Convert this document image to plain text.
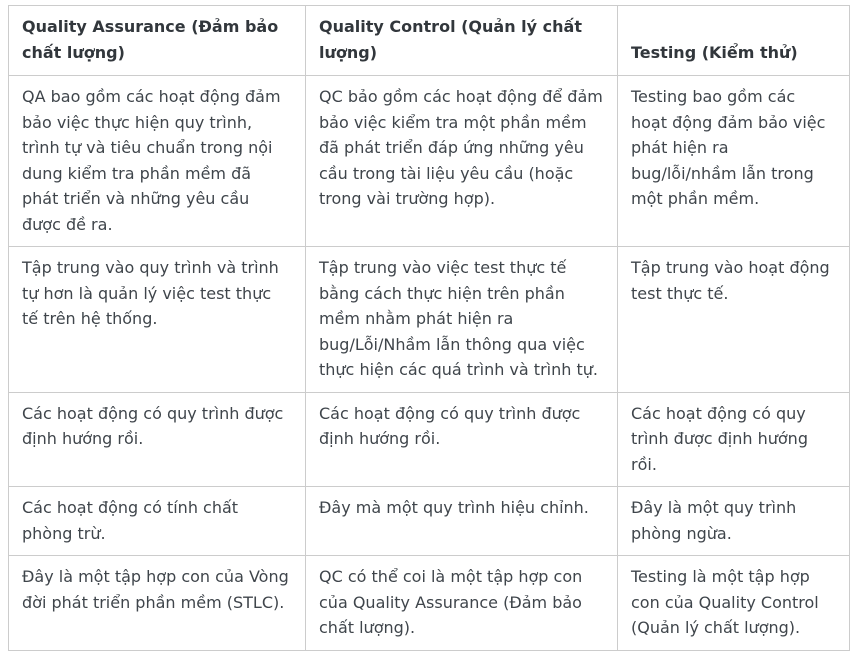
Quality Assurance (Đảm bảo chất lượng)	Quality Control (Quản lý chất lượng)	Testing (Kiểm thử)
QA bao gồm các hoạt động đảm bảo việc thực hiện quy trình, trình tự và tiêu chuẩn trong nội dung kiểm tra phần mềm đã phát triển và những yêu cầu được đề ra.	QC bảo gồm các hoạt động để đảm bảo việc kiểm tra một phần mềm đã phát triển đáp ứng những yêu cầu trong tài liệu yêu cầu (hoặc trong vài trường hợp).	Testing bao gồm các hoạt động đảm bảo việc phát hiện ra bug/lỗi/nhầm lẫn trong một phần mềm.
Tập trung vào quy trình và trình tự hơn là quản lý việc test thực tế trên hệ thống.	Tập trung vào việc test thực tế bằng cách thực hiện trên phần mềm nhằm phát hiện ra bug/Lỗi/Nhầm lẫn thông qua việc thực hiện các quá trình và trình tự.	Tập trung vào hoạt động test thực tế.
Các hoạt động có quy trình được định hướng rồi.	Các hoạt động có quy trình được định hướng rồi.	Các hoạt động có quy trình được định hướng rồi.
Các hoạt động có tính chất phòng trừ.	Đây mà một quy trình hiệu chỉnh.	Đây là một quy trình phòng ngừa.
Đây là một tập hợp con của Vòng đời phát triển phần mềm (STLC).	QC có thể coi là một tập hợp con của Quality Assurance (Đảm bảo chất lượng).	Testing là một tập hợp con của Quality Control (Quản lý chất lượng).
